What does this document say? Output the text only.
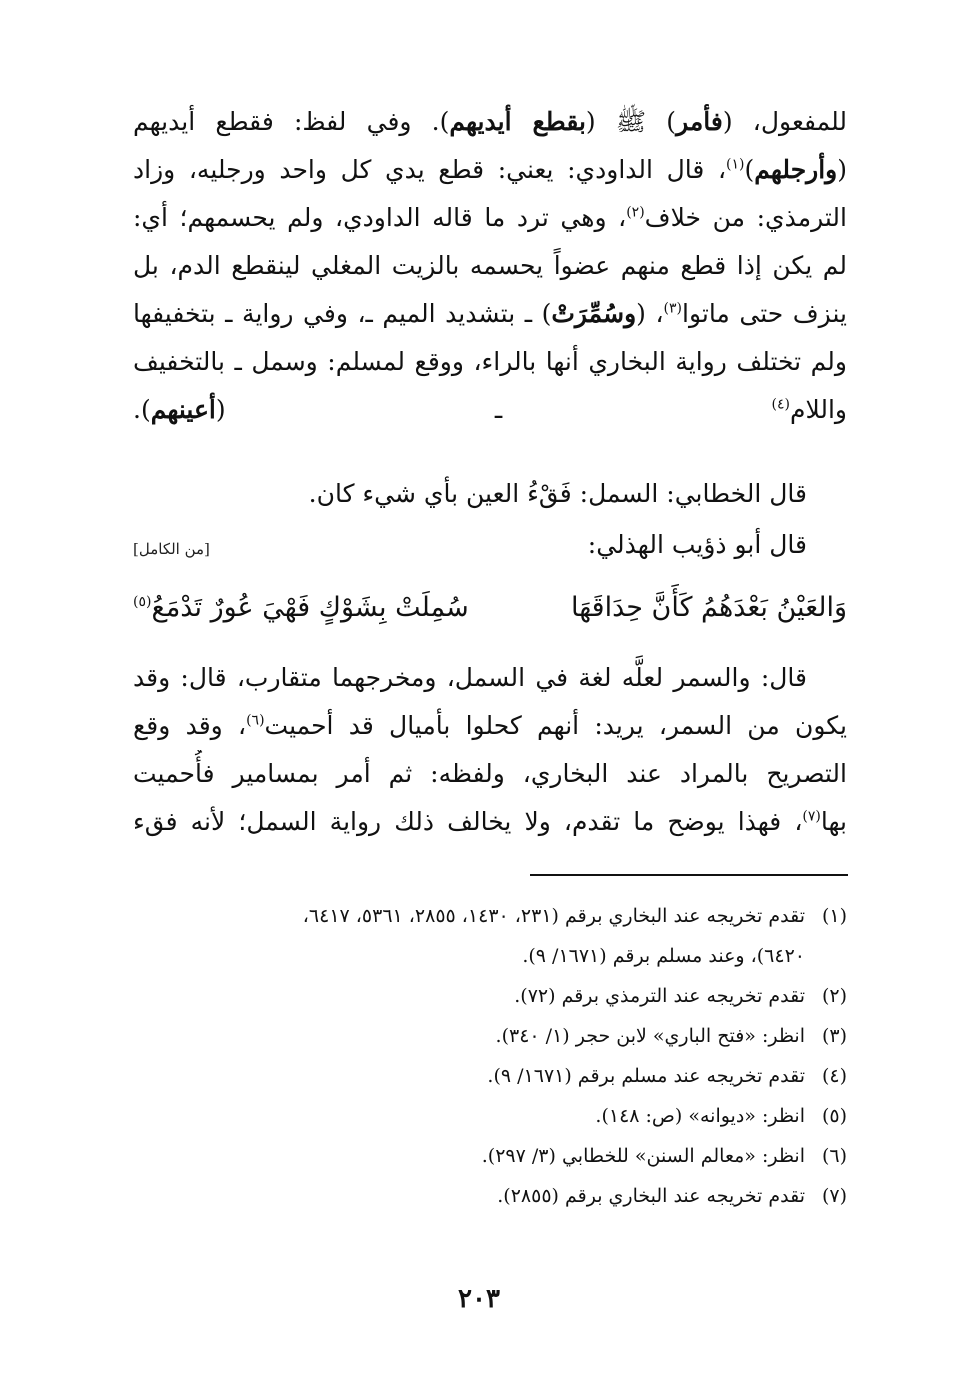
للمفعول، (فأمر) ﷺ (بقطع أيديهم). وفي لفظ: فقطع أيديهم
(وأرجلهم)$^{(١)}$، قال الداودي: يعني: قطع يدي كل واحد ورجليه، وزاد
الترمذي: من خلاف$^{(٢)}$، وهي ترد ما قاله الداودي، ولم يحسمهم؛ أي:
لم يكن إذا قطع منهم عضواً يحسمه بالزيت المغلي لينقطع الدم، بل
ينزف حتى ماتوا$^{(٣)}$، (وسُمِّرَتْ) ـ بتشديد الميم ـ، وفي رواية ـ بتخفيفها
ولم تختلف رواية البخاري أنها بالراء، ووقع لمسلم: وسمل ـ بالتخفيف
واللام$^{(٤)}$ ـ (أعينهم).
قال الخطابي: السمل: فَقْءُ العين بأي شيء كان.
قال أبو ذؤيب الهذلي:
[من الكامل]
وَالعَيْنُ بَعْدَهُمُ كَأَنَّ حِدَاقَهَا
سُمِلَتْ بِشَوْكٍ فَهْيَ عُورٌ تَدْمَعُ$^{(٥)}$
قال: والسمر لعلَّه لغة في السمل، ومخرجهما متقارب، قال: وقد
يكون من السمر، يريد: أنهم كحلوا بأميال قد أحميت$^{(٦)}$، وقد وقع
التصريح بالمراد عند البخاري، ولفظه: ثم أمر بمسامير فأُحميت
بها$^{(٧)}$، فهذا يوضح ما تقدم، ولا يخالف ذلك رواية السمل؛ لأنه فقء
(١)
تقدم تخريجه عند البخاري برقم (٢٣١، ١٤٣٠، ٢٨٥٥، ٥٣٦١، ٦٤١٧،
٦٤٢٠)، وعند مسلم برقم (١٦٧١/ ٩).
(٢)
تقدم تخريجه عند الترمذي برقم (٧٢).
(٣)
انظر: «فتح الباري» لابن حجر (١/ ٣٤٠).
(٤)
تقدم تخريجه عند مسلم برقم (١٦٧١/ ٩).
(٥)
انظر: «ديوانه» (ص: ١٤٨).
(٦)
انظر: «معالم السنن» للخطابي (٣/ ٢٩٧).
(٧)
تقدم تخريجه عند البخاري برقم (٢٨٥٥).
٢٠٣
